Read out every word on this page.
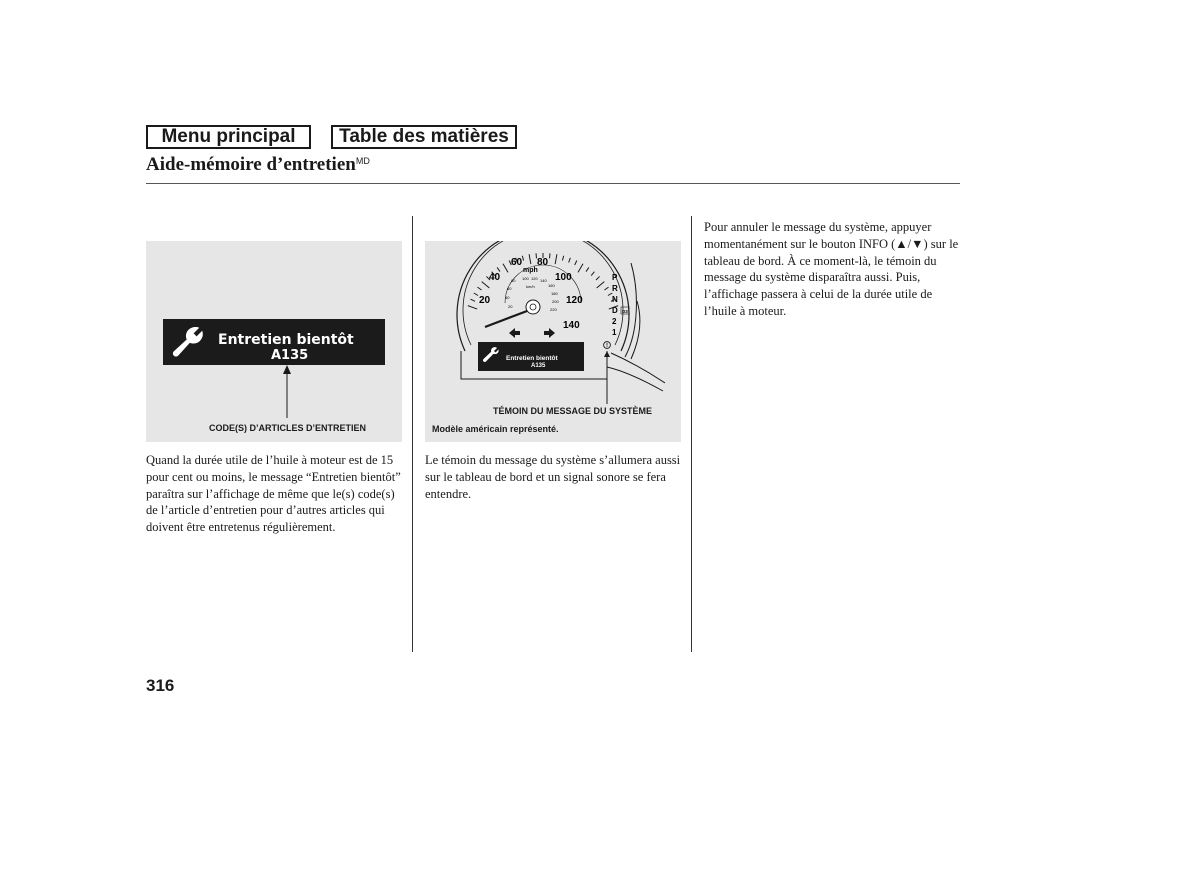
Menu principal	Table des matières
Aide-mémoire d’entretien$^{MD}$
Entretien bientôt
A135
CODE(S) D’ARTICLES D’ENTRETIEN
20
40
60 80
100
120
140
mph
20
40
60
80 100 120 140
160
180
200
220
km/h
P
R
N
D
2
1
D3
Entretien bientôt
A135
TÉMOIN DU MESSAGE DU SYSTÈME
Modèle américain représenté.

Quand la durée utile de l’huile à moteur est de 15 pour cent ou moins, le message “Entretien bientôt” paraîtra sur l’affichage de même que le(s) code(s) de l’article d’entretien pour d’autres articles qui doivent être entretenus régulièrement.

Le témoin du message du système s’allumera aussi sur le tableau de bord et un signal sonore se fera entendre.

Pour annuler le message du système, appuyer momentanément sur le bouton INFO (▲/▼) sur le tableau de bord. À ce moment-là, le témoin du message du système disparaîtra aussi. Puis, l’affichage passera à celui de la durée utile de l’huile à moteur.

316
